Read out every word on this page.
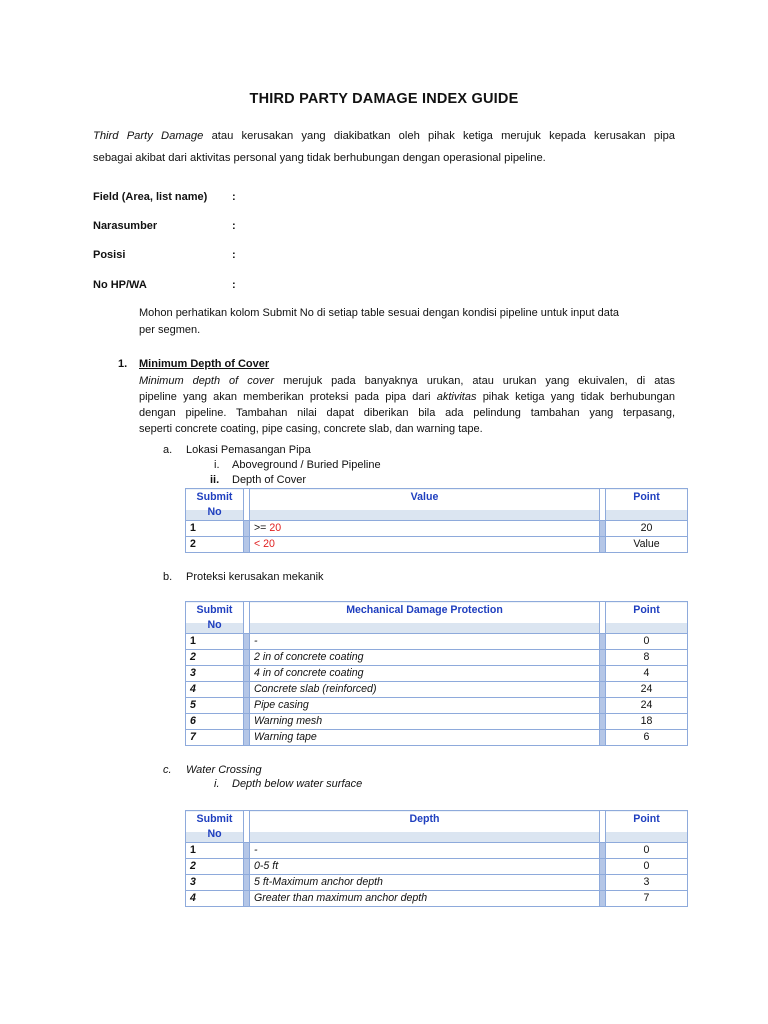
THIRD PARTY DAMAGE INDEX GUIDE

Third Party Damage atau kerusakan yang diakibatkan oleh pihak ketiga merujuk kepada kerusakan pipa

sebagai akibat dari aktivitas personal yang tidak berhubungan dengan operasional pipeline.

Field (Area, list name) :
Narasumber	:
Posisi	:
No HP/WA	:
Mohon perhatikan kolom Submit No di setiap table sesuai dengan kondisi pipeline untuk input data
per segmen.
1. Minimum Depth of Cover
Minimum depth of cover merujuk pada banyaknya urukan, atau urukan yang ekuivalen, di atas
pipeline yang akan memberikan proteksi pada pipa dari aktivitas pihak ketiga yang tidak berhubungan
dengan pipeline. Tambahan nilai dapat diberikan bila ada pelindung tambahan yang terpasang,
seperti concrete coating, pipe casing, concrete slab, dan warning tape.
a. Lokasi Pemasangan Pipa
i. Aboveground / Buried Pipeline
ii. Depth of Cover
Submit No		Value		Point
1		>= 20		20
2		< 20		Value
b. Proteksi kerusakan mekanik
Submit No		Mechanical Damage Protection		Point
1		-		0
2		2 in of concrete coating		8
3		4 in of concrete coating		4
4		Concrete slab (reinforced)		24
5		Pipe casing		24
6		Warning mesh		18
7		Warning tape		6
c. Water Crossing
i. Depth below water surface
Submit No		Depth		Point
1		-		0
2		0-5 ft		0
3		5 ft-Maximum anchor depth		3
4		Greater than maximum anchor depth		7
